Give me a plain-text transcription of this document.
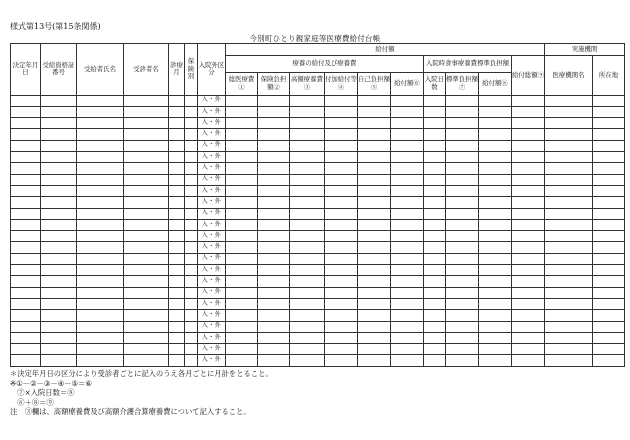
様式第13号(第15条関係)
今別町ひとり親家庭等医療費給付台帳
決定年月日	受給資格証番号	受給者氏名	受診者名	診療月	保険別	入院外区分	給付額										実施機関	
							療養の給付及び療養費						入院時食事療養費標準負担額			給付総額⑨	医療機関名	所在地
							総医療費①	保険負担額②	高額療養費③	付加給付等④	自己負担額⑤	給付額⑥	入院日数	標準負担額⑦	給付額⑧			
						入・外												
						入・外												
						入・外												
						入・外												
						入・外												
						入・外												
						入・外												
						入・外												
						入・外												
						入・外												
						入・外												
						入・外												
						入・外												
						入・外												
						入・外												
						入・外												
						入・外												
						入・外												
						入・外												
						入・外												
						入・外												
						入・外												
						入・外												
						入・外												
＊決定年月日の区分により受診者ごとに記入のうえ各月ごとに月計をとること。
※①－②－③－④－⑤＝⑥
　⑦×入院日数＝⑧
　⑥＋⑧＝⑨
注　③欄は、高額療養費及び高額介護合算療養費について記入すること。
